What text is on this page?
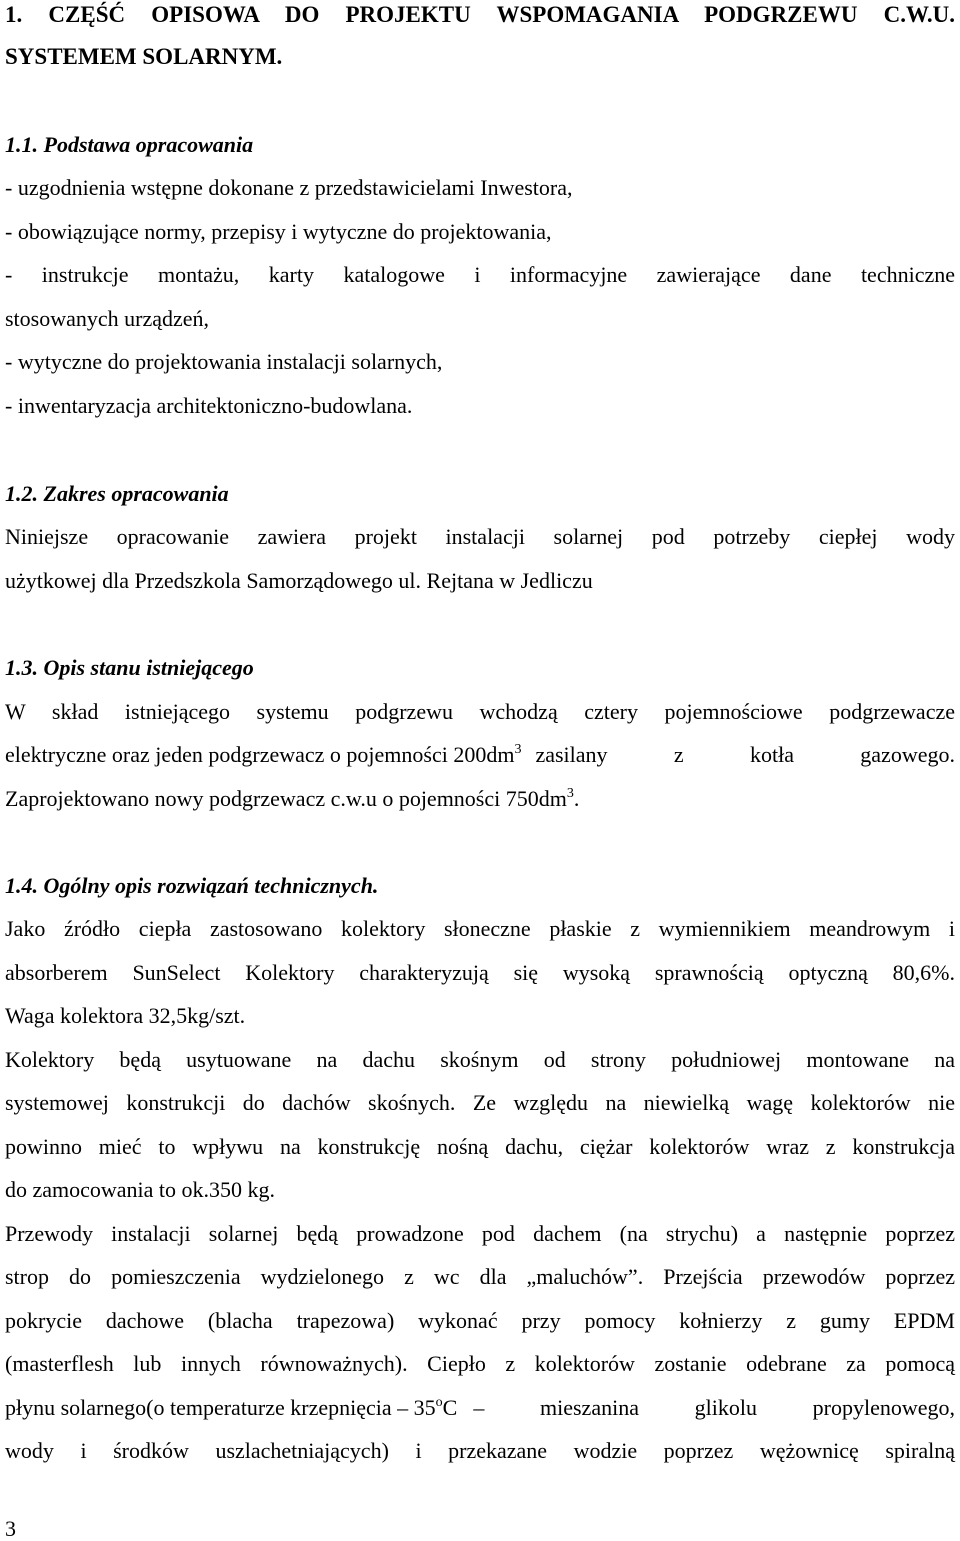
1. CZĘŚĆ OPISOWA DO PROJEKTU WSPOMAGANIA PODGRZEWU C.W.U.
SYSTEMEM SOLARNYM.
1.1. Podstawa opracowania
- uzgodnienia wstępne dokonane z przedstawicielami Inwestora,
- obowiązujące normy, przepisy i wytyczne do projektowania,
- instrukcje montażu, karty katalogowe i informacyjne zawierające dane techniczne
stosowanych urządzeń,
- wytyczne do projektowania instalacji solarnych,
- inwentaryzacja architektoniczno-budowlana.
1.2. Zakres opracowania
Niniejsze opracowanie zawiera projekt instalacji solarnej pod potrzeby ciepłej wody
użytkowej dla Przedszkola Samorządowego ul. Rejtana w Jedliczu
1.3. Opis stanu istniejącego
W skład istniejącego systemu podgrzewu wchodzą cztery pojemnościowe podgrzewacze
elektryczne oraz jeden podgrzewacz o pojemności $200dm^3$ zasilany	z	kotła	gazowego.
Zaprojektowano nowy podgrzewacz c.w.u o pojemności $750dm^3$.
1.4. Ogólny opis rozwiązań technicznych.
Jako źródło ciepła zastosowano kolektory słoneczne płaskie z wymiennikiem meandrowym i
absorberem SunSelect Kolektory charakteryzują się wysoką sprawnością optyczną 80,6%.
Waga kolektora 32,5kg/szt.
Kolektory będą usytuowane na dachu skośnym od strony południowej montowane na
systemowej konstrukcji do dachów skośnych. Ze względu na niewielką wagę kolektorów nie
powinno mieć to wpływu na konstrukcję nośną dachu, ciężar kolektorów wraz z konstrukcja
do zamocowania to ok.350 kg.
Przewody instalacji solarnej będą prowadzone pod dachem (na strychu) a następnie poprzez
strop do pomieszczenia wydzielonego z wc dla „maluchów”. Przejścia przewodów poprzez
pokrycie dachowe (blacha trapezowa) wykonać przy pomocy kołnierzy z gumy EPDM
(masterflesh lub innych równoważnych). Ciepło z kolektorów zostanie odebrane za pomocą
płynu solarnego(o temperaturze krzepnięcia – 35$^o$C –	mieszanina	glikolu	propylenowego,
wody i środków uszlachetniających) i przekazane wodzie poprzez wężownicę spiralną
3
